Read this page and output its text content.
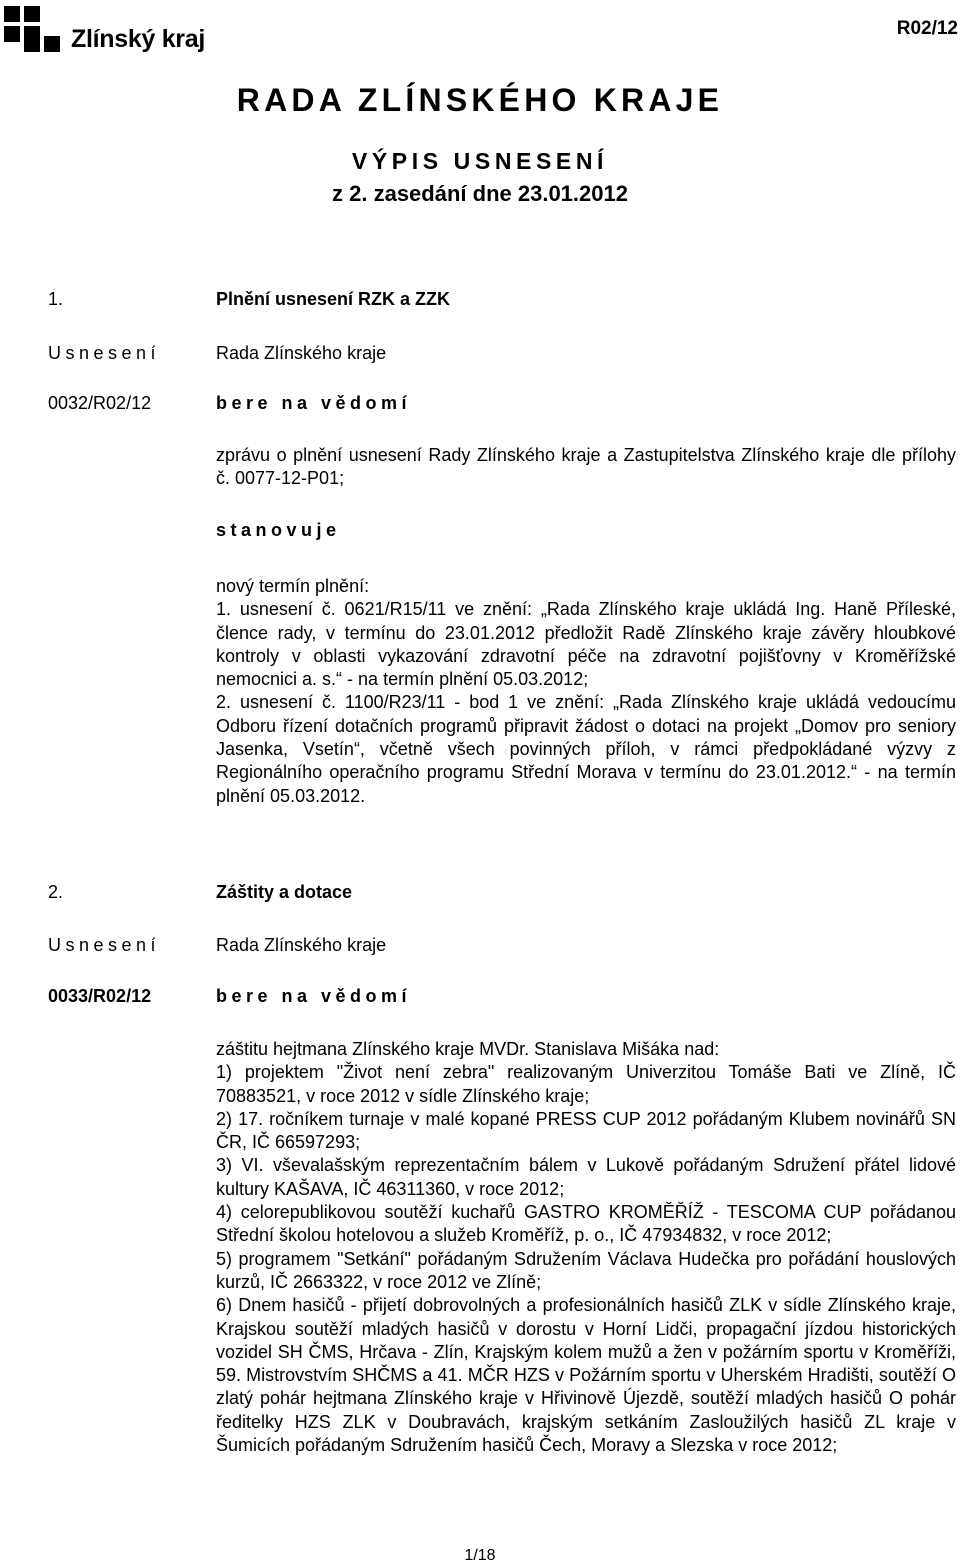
Zlínský kraj	R02/12
RADA ZLÍNSKÉHO KRAJE
VÝPIS USNESENÍ
z 2. zasedání dne 23.01.2012
1.	Plnění usnesení RZK a ZZK
Usnesení	Rada Zlínského kraje
0032/R02/12	bere na vědomí
zprávu o plnění usnesení Rady Zlínského kraje a Zastupitelstva Zlínského kraje dle přílohy č. 0077-12-P01;
stanovuje
nový termín plnění:
1. usnesení č. 0621/R15/11 ve znění: „Rada Zlínského kraje ukládá Ing. Haně Příleské, člence rady, v termínu do 23.01.2012 předložit Radě Zlínského kraje závěry hloubkové kontroly v oblasti vykazování zdravotní péče na zdravotní pojišťovny v Kroměřížské nemocnici a. s.“ - na termín plnění 05.03.2012;
2. usnesení č. 1100/R23/11 - bod 1 ve znění: „Rada Zlínského kraje ukládá vedoucímu Odboru řízení dotačních programů připravit žádost o dotaci na projekt „Domov pro seniory Jasenka, Vsetín“, včetně všech povinných příloh, v rámci předpokládané výzvy z Regionálního operačního programu Střední Morava v termínu do 23.01.2012.“ - na termín plnění 05.03.2012.
2.	Záštity a dotace
Usnesení	Rada Zlínského kraje
0033/R02/12	bere na vědomí
záštitu hejtmana Zlínského kraje MVDr. Stanislava Mišáka nad:
1) projektem "Život není zebra" realizovaným Univerzitou Tomáše Bati ve Zlíně, IČ 70883521, v roce 2012 v sídle Zlínského kraje;
2) 17. ročníkem turnaje v malé kopané PRESS CUP 2012 pořádaným Klubem novinářů SN ČR, IČ 66597293;
3) VI. vševalašským reprezentačním bálem v Lukově pořádaným Sdružení přátel lidové kultury KAŠAVA, IČ 46311360, v roce 2012;
4) celorepublikovou soutěží kuchařů GASTRO KROMĚŘÍŽ - TESCOMA CUP pořádanou Střední školou hotelovou a služeb Kroměříž, p. o., IČ 47934832, v roce 2012;
5) programem "Setkání" pořádaným Sdružením Václava Hudečka pro pořádání houslových kurzů, IČ 2663322, v roce 2012 ve Zlíně;
6) Dnem hasičů - přijetí dobrovolných a profesionálních hasičů ZLK v sídle Zlínského kraje, Krajskou soutěží mladých hasičů v dorostu v Horní Lidči, propagační jízdou historických vozidel SH ČMS, Hrčava - Zlín, Krajským kolem mužů a žen v požárním sportu v Kroměříži, 59. Mistrovstvím SHČMS a 41. MČR HZS v Požárním sportu v Uherském Hradišti, soutěží O zlatý pohár hejtmana Zlínského kraje v Hřivinově Újezdě, soutěží mladých hasičů O pohár ředitelky HZS ZLK v Doubravách, krajským setkáním Zasloužilých hasičů ZL kraje v Šumicích pořádaným Sdružením hasičů Čech, Moravy a Slezska v roce 2012;
1/18
